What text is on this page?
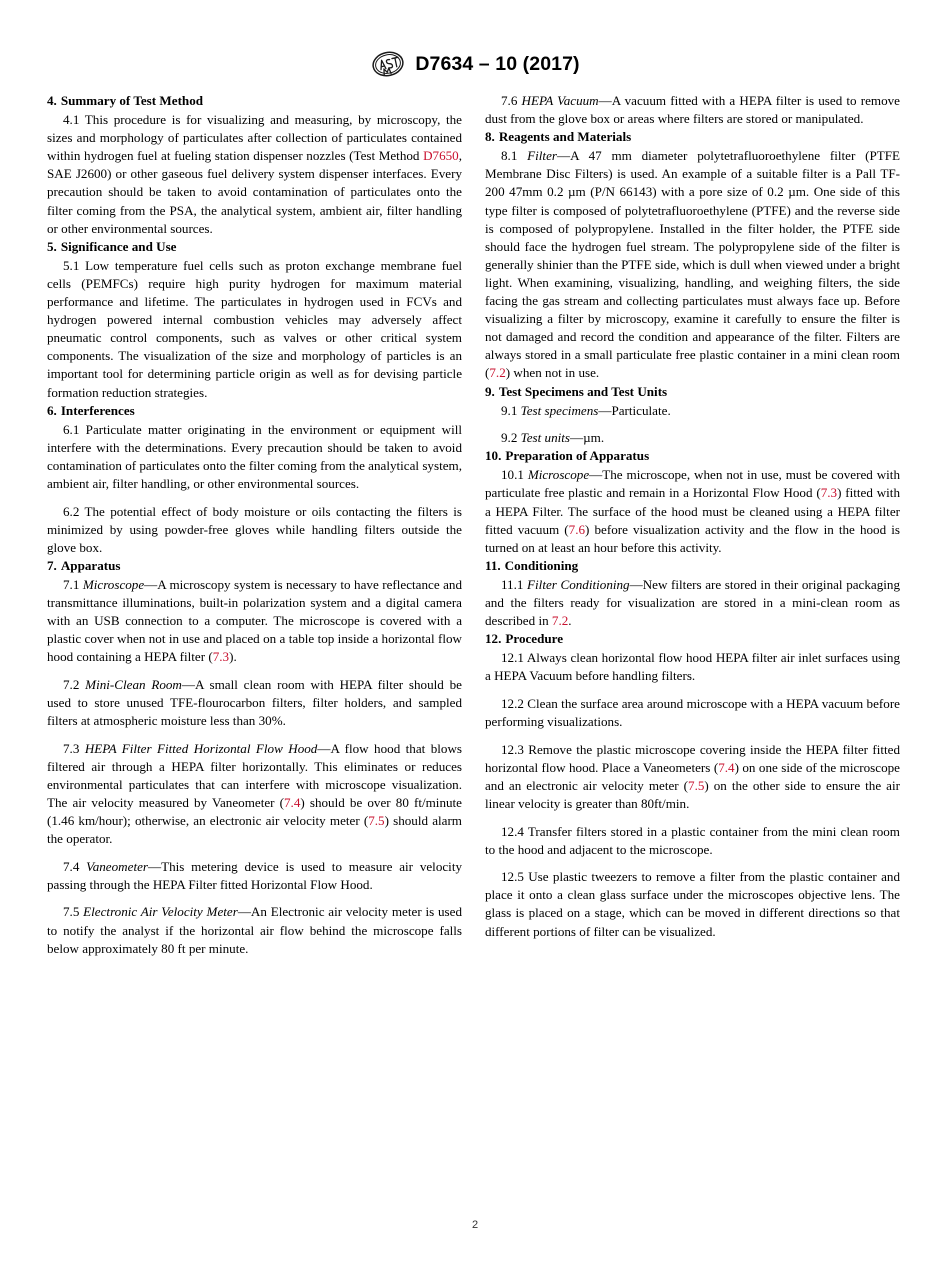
D7634 – 10 (2017)
4. Summary of Test Method

4.1 This procedure is for visualizing and measuring, by microscopy, the sizes and morphology of particulates after collection of particulates contained within hydrogen fuel at fueling station dispenser nozzles (Test Method D7650, SAE J2600) or other gaseous fuel delivery system dispenser interfaces. Every precaution should be taken to avoid contamination of particulates onto the filter coming from the PSA, the analytical system, ambient air, filter handling or other environmental sources.

5. Significance and Use

5.1 Low temperature fuel cells such as proton exchange membrane fuel cells (PEMFCs) require high purity hydrogen for maximum material performance and lifetime. The particulates in hydrogen used in FCVs and hydrogen powered internal combustion vehicles may adversely affect pneumatic control components, such as valves or other critical system components. The visualization of the size and morphology of particles is an important tool for determining particle origin as well as for devising particle formation reduction strategies.

6. Interferences

6.1 Particulate matter originating in the environment or equipment will interfere with the determinations. Every precaution should be taken to avoid contamination of particulates onto the filter coming from the analytical system, ambient air, filter handling, or other environmental sources.

6.2 The potential effect of body moisture or oils contacting the filters is minimized by using powder-free gloves while handling filters outside the glove box.

7. Apparatus

7.1 Microscope—A microscopy system is necessary to have reflectance and transmittance illuminations, built-in polarization system and a digital camera with an USB connection to a computer. The microscope is covered with a plastic cover when not in use and placed on a table top inside a horizontal flow hood containing a HEPA filter (7.3).

7.2 Mini-Clean Room—A small clean room with HEPA filter should be used to store unused TFE-flourocarbon filters, filter holders, and sampled filters at atmospheric moisture less than 30%.

7.3 HEPA Filter Fitted Horizontal Flow Hood—A flow hood that blows filtered air through a HEPA filter horizontally. This eliminates or reduces environmental particulates that can interfere with microscope visualization. The air velocity measured by Vaneometer (7.4) should be over 80 ft/minute (1.46 km/hour); otherwise, an electronic air velocity meter (7.5) should alarm the operator.

7.4 Vaneometer—This metering device is used to measure air velocity passing through the HEPA Filter fitted Horizontal Flow Hood.

7.5 Electronic Air Velocity Meter—An Electronic air velocity meter is used to notify the analyst if the horizontal air flow behind the microscope falls below approximately 80 ft per minute.

7.6 HEPA Vacuum—A vacuum fitted with a HEPA filter is used to remove dust from the glove box or areas where filters are stored or manipulated.

8. Reagents and Materials

8.1 Filter—A 47 mm diameter polytetrafluoroethylene filter (PTFE Membrane Disc Filters) is used. An example of a suitable filter is a Pall TF-200 47mm 0.2 µm (P/N 66143) with a pore size of 0.2 µm. One side of this type filter is composed of polytetrafluoroethylene (PTFE) and the reverse side is composed of polypropylene. Installed in the filter holder, the PTFE side should face the hydrogen fuel stream. The polypropylene side of the filter is generally shinier than the PTFE side, which is dull when viewed under a bright light. When examining, visualizing, handling, and weighing filters, the side facing the gas stream and collecting particulates must always face up. Before visualizing a filter by microscopy, examine it carefully to ensure the filter is not damaged and record the condition and appearance of the filter. Filters are always stored in a small particulate free plastic container in a mini clean room (7.2) when not in use.

9. Test Specimens and Test Units

9.1 Test specimens—Particulate.

9.2 Test units—µm.

10. Preparation of Apparatus

10.1 Microscope—The microscope, when not in use, must be covered with particulate free plastic and remain in a Horizontal Flow Hood (7.3) fitted with a HEPA Filter. The surface of the hood must be cleaned using a HEPA filter fitted vacuum (7.6) before visualization activity and the flow in the hood is turned on at least an hour before this activity.

11. Conditioning

11.1 Filter Conditioning—New filters are stored in their original packaging and the filters ready for visualization are stored in a mini-clean room as described in 7.2.

12. Procedure

12.1 Always clean horizontal flow hood HEPA filter air inlet surfaces using a HEPA Vacuum before handling filters.

12.2 Clean the surface area around microscope with a HEPA vacuum before performing visualizations.

12.3 Remove the plastic microscope covering inside the HEPA filter fitted horizontal flow hood. Place a Vaneometers (7.4) on one side of the microscope and an electronic air velocity meter (7.5) on the other side to ensure the air linear velocity is greater than 80ft/min.

12.4 Transfer filters stored in a plastic container from the mini clean room to the hood and adjacent to the microscope.

12.5 Use plastic tweezers to remove a filter from the plastic container and place it onto a clean glass surface under the microscopes objective lens. The glass is placed on a stage, which can be moved in different directions so that different portions of filter can be visualized.

2
